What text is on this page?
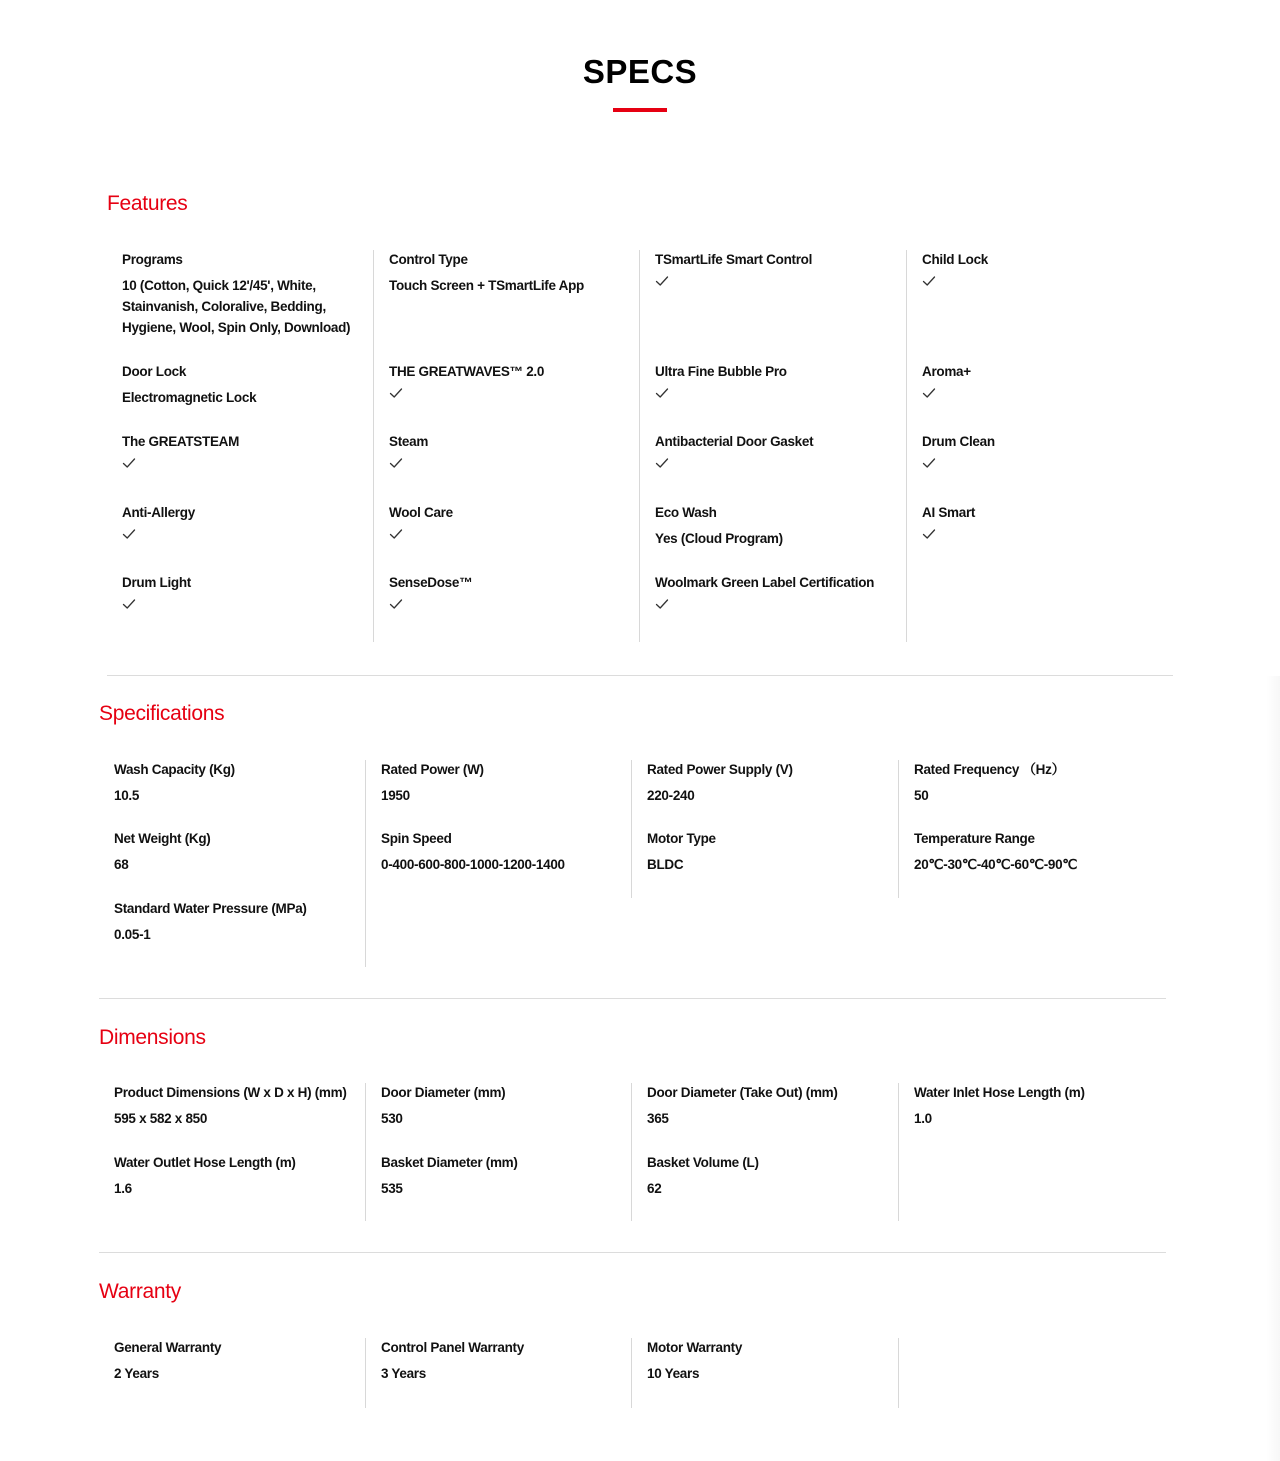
SPECS
Features
Programs
10 (Cotton, Quick 12'/45', White, Stainvanish, Coloralive, Bedding, Hygiene, Wool, Spin Only, Download)
Door Lock
Electromagnetic Lock
The GREATSTEAM
Anti-Allergy
Drum Light
Control Type
Touch Screen + TSmartLife App
THE GREATWAVES™ 2.0
Steam
Wool Care
SenseDose™
TSmartLife Smart Control
Ultra Fine Bubble Pro
Antibacterial Door Gasket
Eco Wash
Yes (Cloud Program)
Woolmark Green Label Certification
Child Lock
Aroma+
Drum Clean
AI Smart
Specifications
Wash Capacity (Kg)
10.5
Net Weight (Kg)
68
Standard Water Pressure (MPa)
0.05-1
Rated Power (W)
1950
Spin Speed
0-400-600-800-1000-1200-1400
Rated Power Supply (V)
220-240
Motor Type
BLDC
Rated Frequency （Hz）
50
Temperature Range
20℃-30℃-40℃-60℃-90℃
Dimensions
Product Dimensions (W x D x H) (mm)
595 x 582 x 850
Water Outlet Hose Length (m)
1.6
Door Diameter (mm)
530
Basket Diameter (mm)
535
Door Diameter (Take Out) (mm)
365
Basket Volume (L)
62
Water Inlet Hose Length (m)
1.0
Warranty
General Warranty
2 Years
Control Panel Warranty
3 Years
Motor Warranty
10 Years
